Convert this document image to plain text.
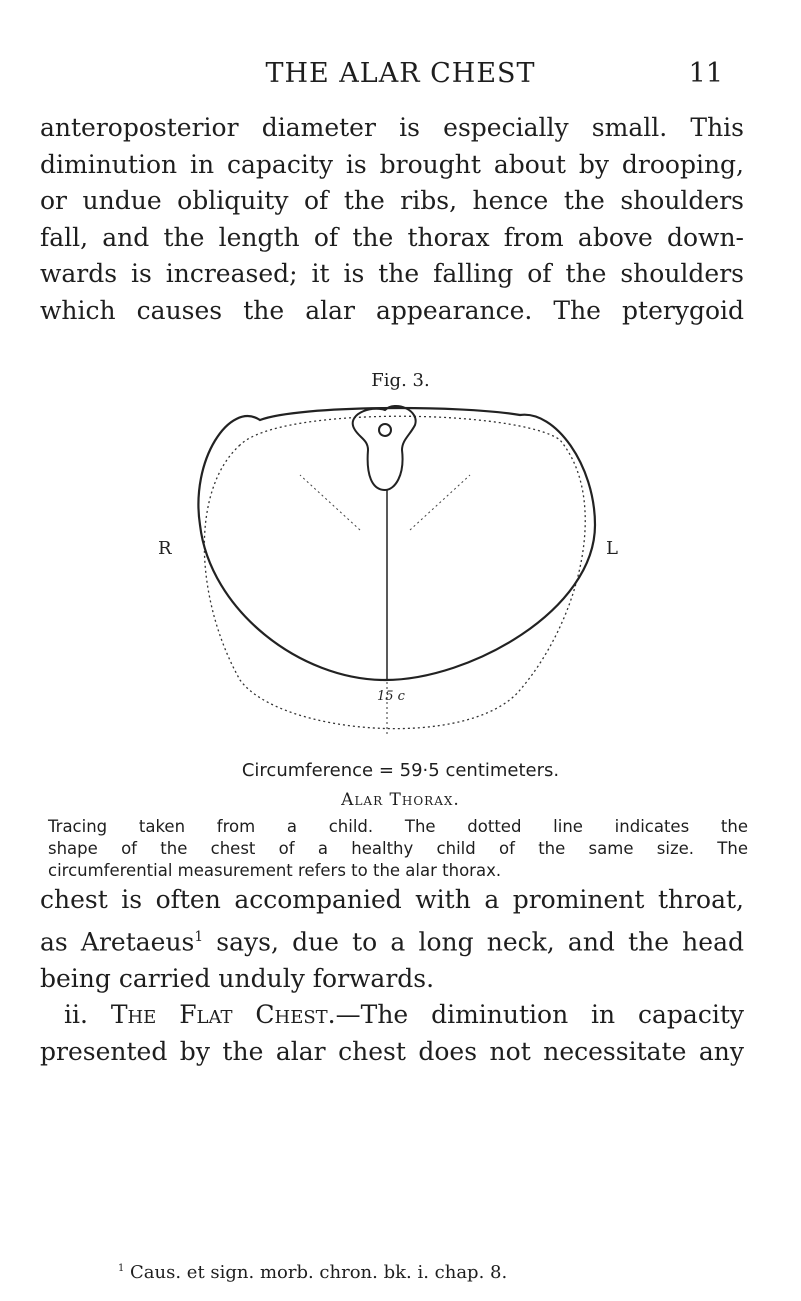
THE ALAR CHEST	11
anteroposterior diameter is especially small. This
diminution in capacity is brought about by drooping,
or undue obliquity of the ribs, hence the shoulders
fall, and the length of the thorax from above down-
wards is increased; it is the falling of the shoulders
which causes the alar appearance. The pterygoid
Fig. 3.
R	L
15 c
Circumference = 59·5 centimeters.
Alar Thorax.
Tracing taken from a child. The dotted line indicates the
shape of the chest of a healthy child of the same size. The
circumferential measurement refers to the alar thorax.
chest is often accompanied with a prominent throat,
as Aretaeus$^1$ says, due to a long neck, and the head
being carried unduly forwards.
ii. The Flat Chest.—The diminution in capacity
presented by the alar chest does not necessitate any
$^1$ Caus. et sign. morb. chron. bk. i. chap. 8.
